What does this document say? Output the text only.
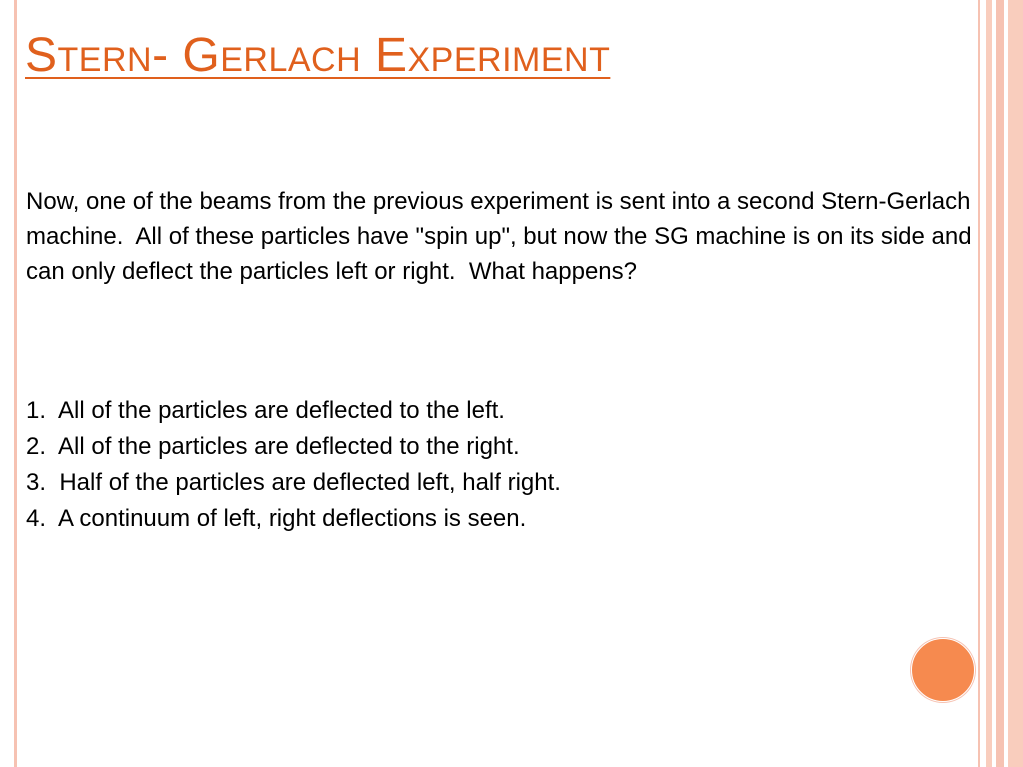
Stern- Gerlach Experiment

Now, one of the beams from the previous experiment is sent into a second Stern-Gerlach machine.  All of these particles have "spin up", but now the SG machine is on its side and can only deflect the particles left or right.  What happens?

1.  All of the particles are deflected to the left.
2.  All of the particles are deflected to the right.
3.  Half of the particles are deflected left, half right.
4.  A continuum of left, right deflections is seen.
